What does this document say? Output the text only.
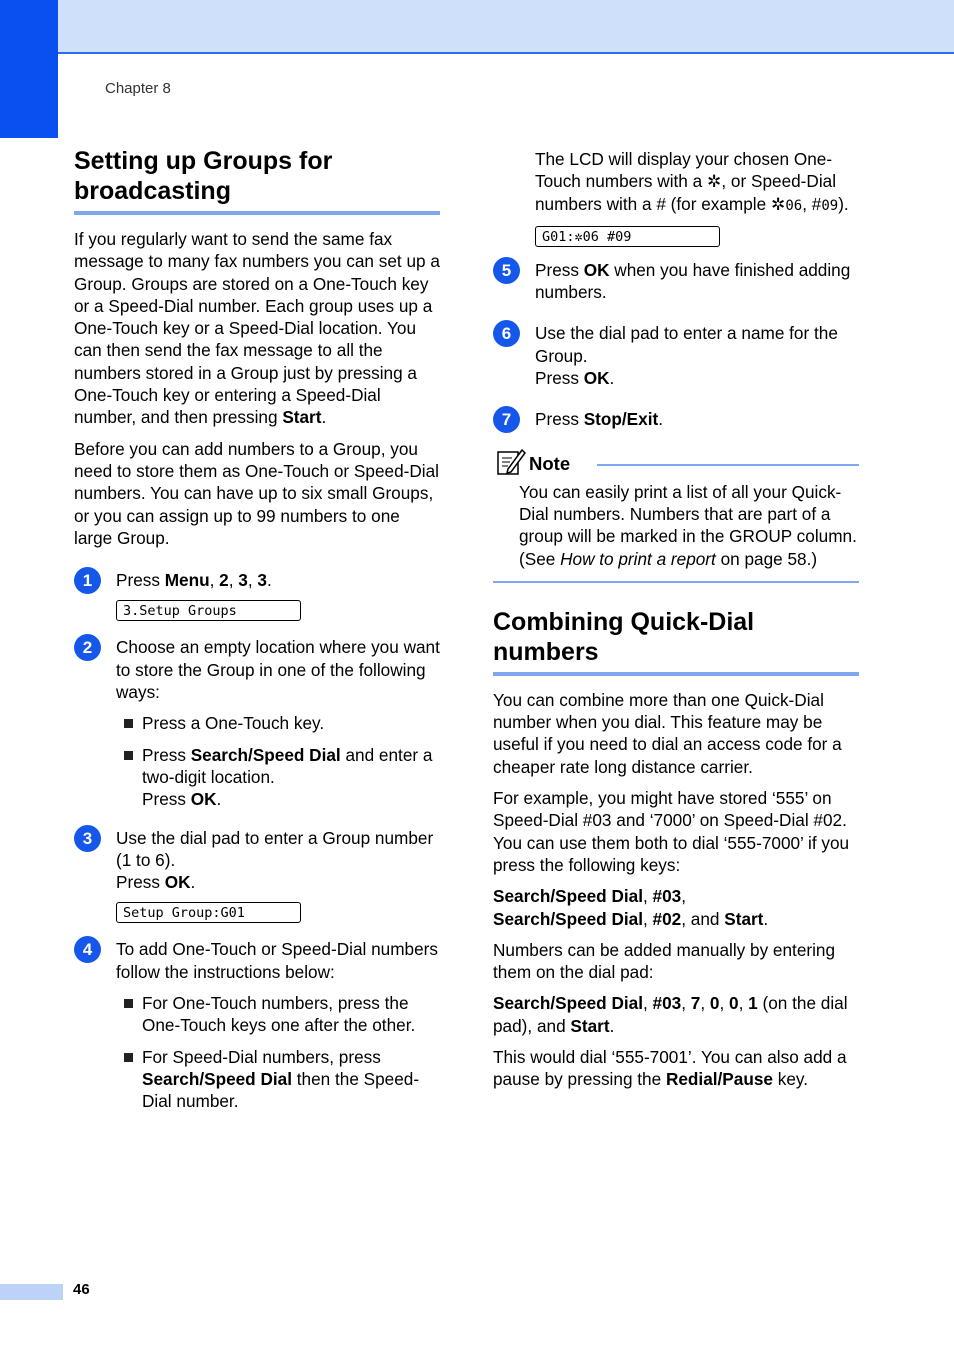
Chapter 8
Setting up Groups for
broadcasting

If you regularly want to send the same fax message to many fax numbers you can set up a Group. Groups are stored on a One-Touch key or a Speed-Dial number. Each group uses up a One-Touch key or a Speed-Dial location. You can then send the fax message to all the numbers stored in a Group just by pressing a One-Touch key or entering a Speed-Dial number, and then pressing Start.

Before you can add numbers to a Group, you need to store them as One-Touch or Speed-Dial numbers. You can have up to six small Groups, or you can assign up to 99 numbers to one large Group.

1	Press Menu, 2, 3, 3.

3.Setup Groups
2	Choose an empty location where you want to store the Group in one of the following ways:

Press a One-Touch key.
Press Search/Speed Dial and enter a two-digit location.
Press OK.
3	Use the dial pad to enter a Group number (1 to 6).
Press OK.

Setup Group:G01
4	To add One-Touch or Speed-Dial numbers follow the instructions below:

For One-Touch numbers, press the One-Touch keys one after the other.
For Speed-Dial numbers, press Search/Speed Dial then the Speed-Dial number.

The LCD will display your chosen One-Touch numbers with a ✲, or Speed-Dial numbers with a # (for example ✲06, #09).

G01:✲06 #09
5	Press OK when you have finished adding numbers.

6	Use the dial pad to enter a name for the Group.
Press OK.

7	Press Stop/Exit.

Note

You can easily print a list of all your Quick-Dial numbers. Numbers that are part of a group will be marked in the GROUP column. (See How to print a report on page 58.)

Combining Quick-Dial
numbers

You can combine more than one Quick-Dial number when you dial. This feature may be useful if you need to dial an access code for a cheaper rate long distance carrier.

For example, you might have stored ‘555’ on Speed-Dial #03 and ‘7000’ on Speed-Dial #02. You can use them both to dial ‘555-7000’ if you press the following keys:

Search/Speed Dial, #03,
Search/Speed Dial, #02, and Start.

Numbers can be added manually by entering them on the dial pad:

Search/Speed Dial, #03, 7, 0, 0, 1 (on the dial pad), and Start.

This would dial ‘555-7001’. You can also add a pause by pressing the Redial/Pause key.

46
